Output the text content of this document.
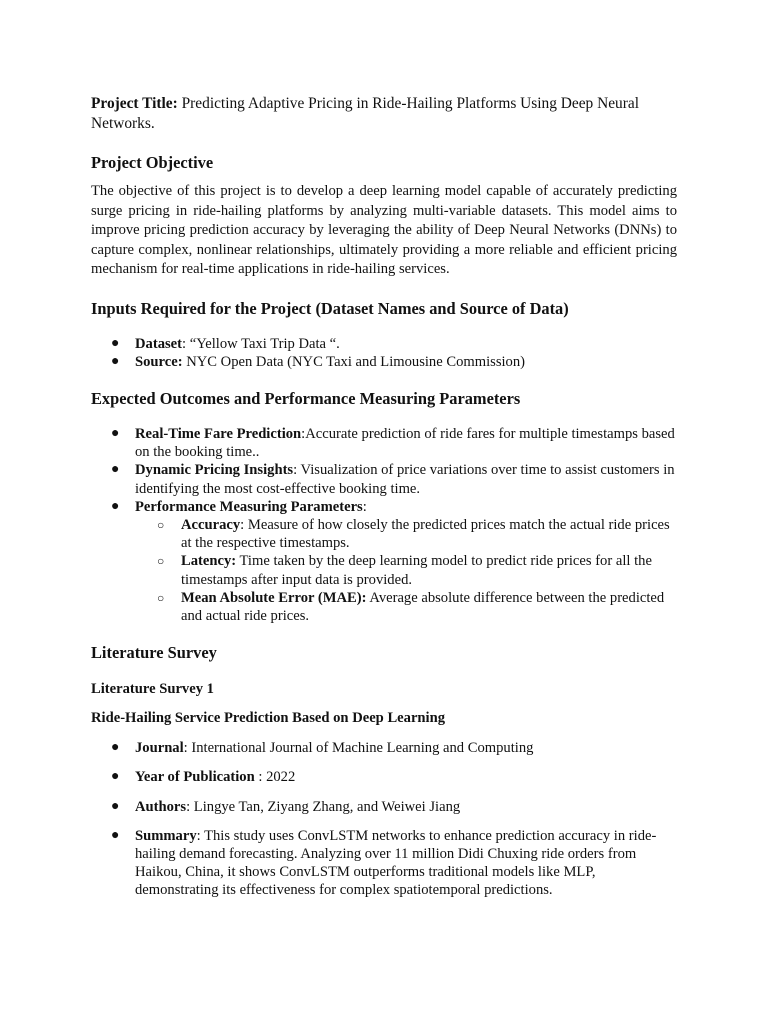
Project Title: Predicting Adaptive Pricing in Ride-Hailing Platforms Using Deep Neural Networks.

Project Objective

The objective of this project is to develop a deep learning model capable of accurately predicting surge pricing in ride-hailing platforms by analyzing multi-variable datasets. This model aims to improve pricing prediction accuracy by leveraging the ability of Deep Neural Networks (DNNs) to capture complex, nonlinear relationships, ultimately providing a more reliable and efficient pricing mechanism for real-time applications in ride-hailing services.

Inputs Required for the Project (Dataset Names and Source of Data)
● Dataset: “Yellow Taxi Trip Data “.
● Source: NYC Open Data (NYC Taxi and Limousine Commission)
Expected Outcomes and Performance Measuring Parameters
● Real-Time Fare Prediction:Accurate prediction of ride fares for multiple timestamps based on the booking time..
● Dynamic Pricing Insights: Visualization of price variations over time to assist customers in identifying the most cost-effective booking time.
● Performance Measuring Parameters:
○ Accuracy: Measure of how closely the predicted prices match the actual ride prices at the respective timestamps.
○ Latency: Time taken by the deep learning model to predict ride prices for all the timestamps after input data is provided.
○ Mean Absolute Error (MAE): Average absolute difference between the predicted and actual ride prices.
Literature Survey
Literature Survey 1
Ride-Hailing Service Prediction Based on Deep Learning
● Journal: International Journal of Machine Learning and Computing
● Year of Publication : 2022
● Authors: Lingye Tan, Ziyang Zhang, and Weiwei Jiang
● Summary: This study uses ConvLSTM networks to enhance prediction accuracy in ride-hailing demand forecasting. Analyzing over 11 million Didi Chuxing ride orders from Haikou, China, it shows ConvLSTM outperforms traditional models like MLP, demonstrating its effectiveness for complex spatiotemporal predictions.
